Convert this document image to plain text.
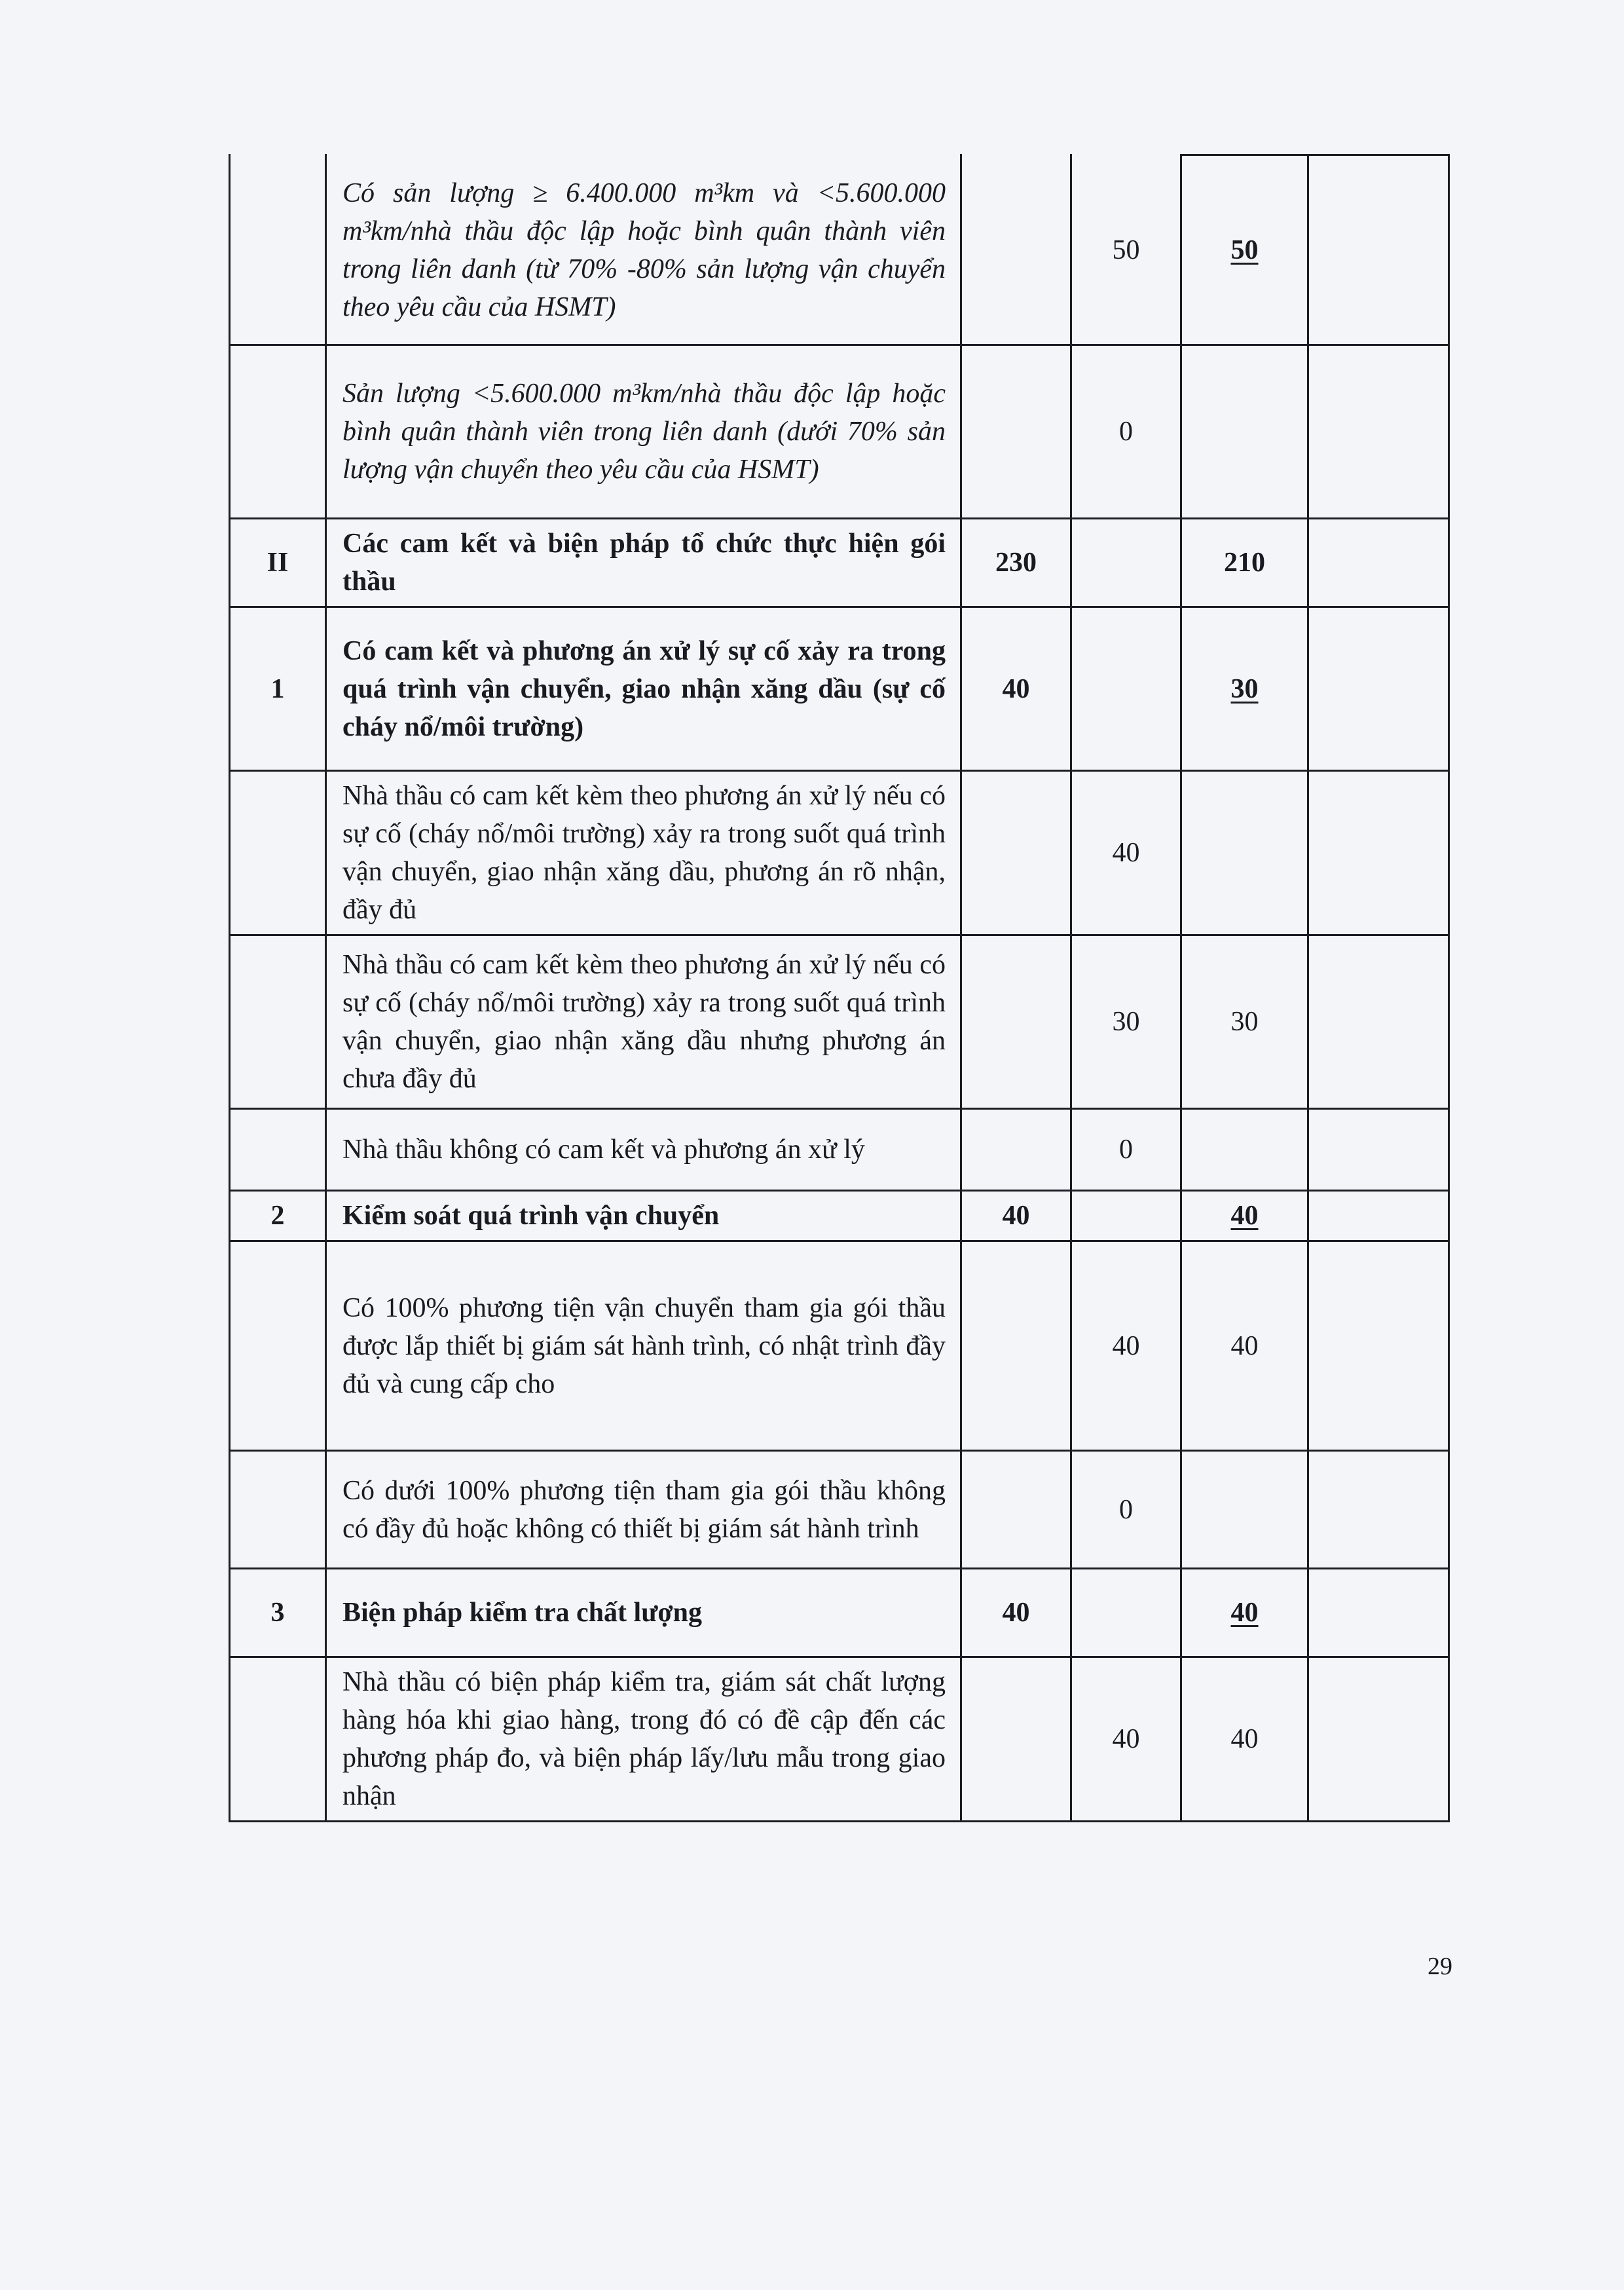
	Có sản lượng ≥ 6.400.000 m³km và <5.600.000 m³km/nhà thầu độc lập hoặc bình quân thành viên trong liên danh (từ 70% -80% sản lượng vận chuyển theo yêu cầu của HSMT)		50	50	
	Sản lượng <5.600.000 m³km/nhà thầu độc lập hoặc bình quân thành viên trong liên danh (dưới 70% sản lượng vận chuyển theo yêu cầu của HSMT)		0		
II	Các cam kết và biện pháp tổ chức thực hiện gói thầu	230		210	
1	Có cam kết và phương án xử lý sự cố xảy ra trong quá trình vận chuyển, giao nhận xăng dầu (sự cố cháy nổ/môi trường)	40		30	
	Nhà thầu có cam kết kèm theo phương án xử lý nếu có sự cố (cháy nổ/môi trường) xảy ra trong suốt quá trình vận chuyển, giao nhận xăng dầu, phương án rõ nhận, đầy đủ		40		
	Nhà thầu có cam kết kèm theo phương án xử lý nếu có sự cố (cháy nổ/môi trường) xảy ra trong suốt quá trình vận chuyển, giao nhận xăng dầu nhưng phương án chưa đầy đủ		30	30	
	Nhà thầu không có cam kết và phương án xử lý		0		
2	Kiểm soát quá trình vận chuyển	40		40	
	Có 100% phương tiện vận chuyển tham gia gói thầu được lắp thiết bị giám sát hành trình, có nhật trình đầy đủ và cung cấp cho		40	40	
	Có dưới 100% phương tiện tham gia gói thầu không có đầy đủ hoặc không có thiết bị giám sát hành trình		0		
3	Biện pháp kiểm tra chất lượng	40		40	
	Nhà thầu có biện pháp kiểm tra, giám sát chất lượng hàng hóa khi giao hàng, trong đó có đề cập đến các phương pháp đo, và biện pháp lấy/lưu mẫu trong giao nhận		40	40	
29
